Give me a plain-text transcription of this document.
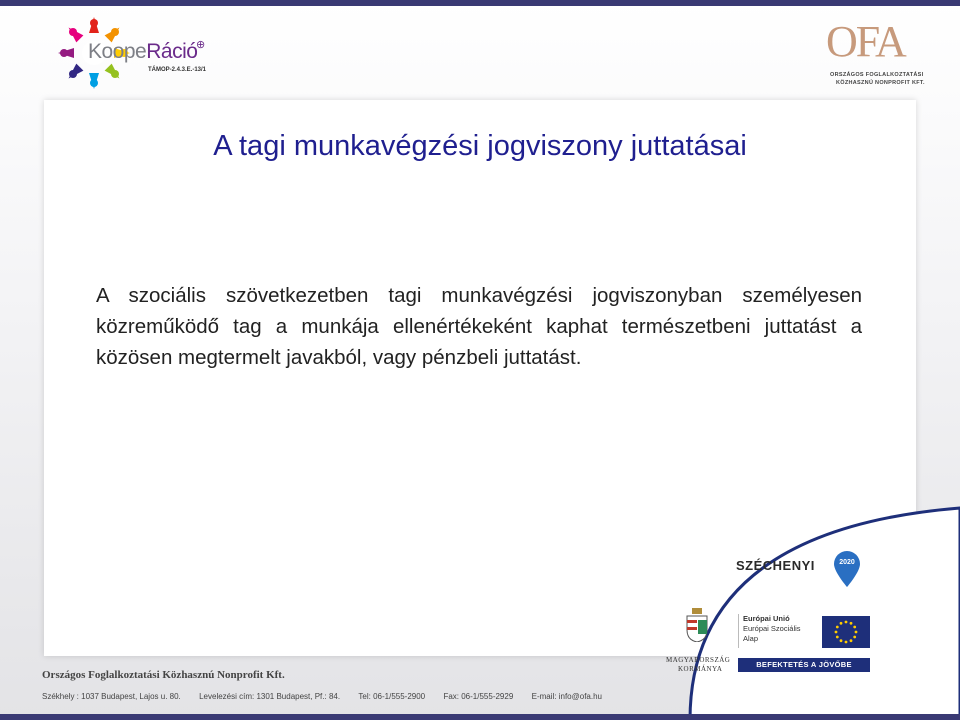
KoopeRáció
⊕
TÁMOP-2.4.3.E.-13/1
OFA
ORSZÁGOS FOGLALKOZTATÁSI
KÖZHASZNÚ NONPROFIT KFT.
A tagi munkavégzési jogviszony juttatásai

A szociális szövetkezetben tagi munkavégzési jogviszonyban személyesen közreműködő tag a munkája ellenértékeként kaphat természetbeni juttatást a közösen megtermelt javakból, vagy pénzbeli juttatást.

SZÉCHENYI	2020
MAGYARORSZÁG
KORMÁNYA
Európai Unió
Európai Szociális
Alap
BEFEKTETÉS A JÖVŐBE
Országos Foglalkoztatási Közhasznú Nonprofit Kft.
Székhely : 1037 Budapest, Lajos u. 80. Levelezési cím: 1301 Budapest, Pf.: 84. Tel: 06-1/555-2900 Fax: 06-1/555-2929 E-mail: info@ofa.hu
